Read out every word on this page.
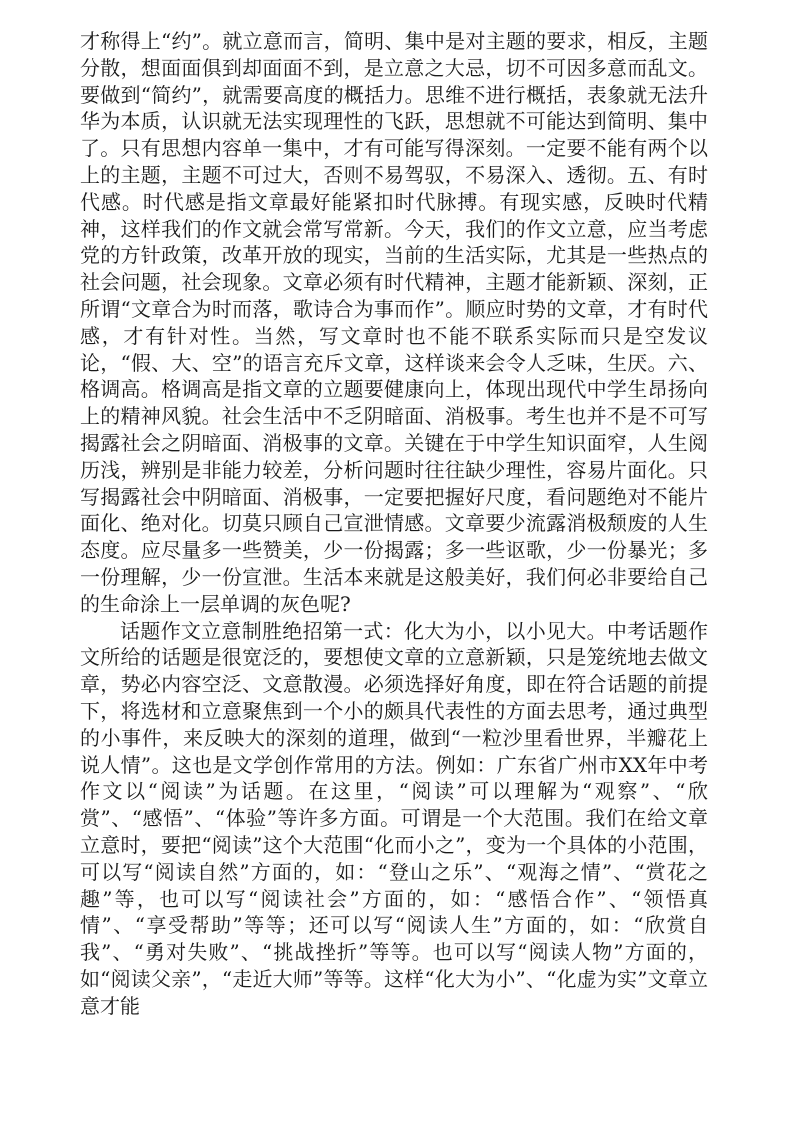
才称得上“约”。就立意而言，简明、集中是对主题的要求，相反，主题分散，想面面俱到却面面不到，是立意之大忌，切不可因多意而乱文。要做到“简约”，就需要高度的概括力。思维不进行概括，表象就无法升华为本质，认识就无法实现理性的飞跃，思想就不可能达到简明、集中了。只有思想内容单一集中，才有可能写得深刻。一定要不能有两个以上的主题，主题不可过大，否则不易驾驭，不易深入、透彻。五、有时代感。时代感是指文章最好能紧扣时代脉搏。有现实感，反映时代精神，这样我们的作文就会常写常新。今天，我们的作文立意，应当考虑党的方针政策，改革开放的现实，当前的生活实际，尤其是一些热点的社会问题，社会现象。文章必须有时代精神，主题才能新颖、深刻，正所谓“文章合为时而落，歌诗合为事而作”。顺应时势的文章，才有时代感，才有针对性。当然，写文章时也不能不联系实际而只是空发议论，“假、大、空”的语言充斥文章，这样谈来会令人乏味，生厌。六、格调高。格调高是指文章的立题要健康向上，体现出现代中学生昂扬向上的精神风貌。社会生活中不乏阴暗面、消极事。考生也并不是不可写揭露社会之阴暗面、消极事的文章。关键在于中学生知识面窄，人生阅历浅，辨别是非能力较差，分析问题时往往缺少理性，容易片面化。只写揭露社会中阴暗面、消极事，一定要把握好尺度，看问题绝对不能片面化、绝对化。切莫只顾自己宣泄情感。文章要少流露消极颓废的人生态度。应尽量多一些赞美，少一份揭露；多一些讴歌，少一份暴光；多一份理解，少一份宣泄。生活本来就是这般美好，我们何必非要给自己的生命涂上一层单调的灰色呢?

话题作文立意制胜绝招第一式：化大为小，以小见大。中考话题作文所给的话题是很宽泛的，要想使文章的立意新颖，只是笼统地去做文章，势必内容空泛、文意散漫。必须选择好角度，即在符合话题的前提下，将选材和立意聚焦到一个小的颇具代表性的方面去思考，通过典型的小事件，来反映大的深刻的道理，做到“一粒沙里看世界，半瓣花上说人情”。这也是文学创作常用的方法。例如：广东省广州市XX年中考作文以“阅读”为话题。在这里，“阅读”可以理解为“观察”、“欣赏”、“感悟”、“体验”等许多方面。可谓是一个大范围。我们在给文章立意时，要把“阅读”这个大范围“化而小之”，变为一个具体的小范围，可以写“阅读自然”方面的，如：“登山之乐”、“观海之情”、“赏花之趣”等，也可以写“阅读社会”方面的，如：“感悟合作”、“领悟真情”、“享受帮助”等等；还可以写“阅读人生”方面的，如：“欣赏自我”、“勇对失败”、“挑战挫折”等等。也可以写“阅读人物”方面的，如“阅读父亲”，“走近大师”等等。这样“化大为小”、“化虚为实”文章立意才能
